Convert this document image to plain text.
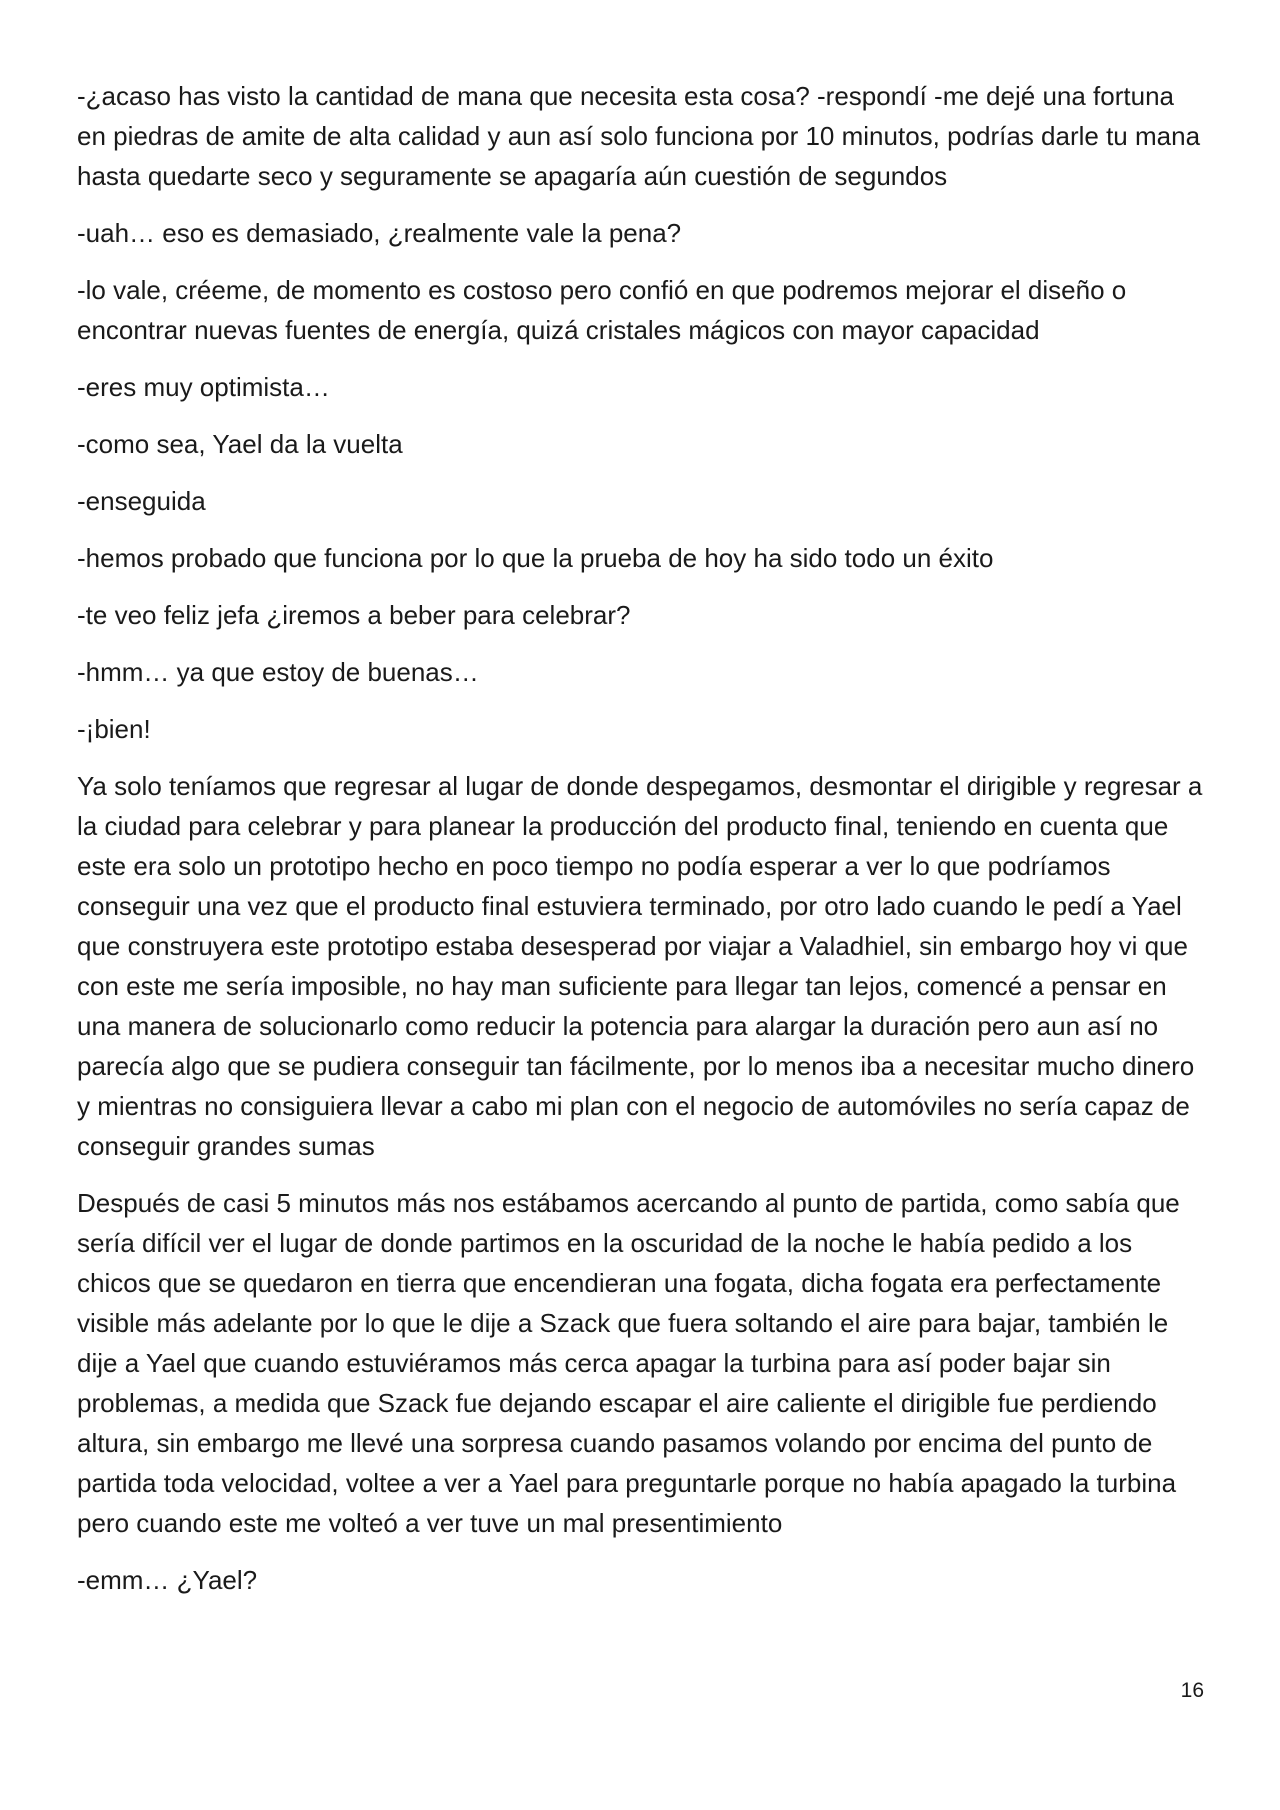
-¿acaso has visto la cantidad de mana que necesita esta cosa? -respondí -me dejé una fortuna en piedras de amite de alta calidad y aun así solo funciona por 10 minutos, podrías darle tu mana hasta quedarte seco y seguramente se apagaría aún cuestión de segundos

-uah… eso es demasiado, ¿realmente vale la pena?

-lo vale, créeme, de momento es costoso pero confió en que podremos mejorar el diseño o encontrar nuevas fuentes de energía, quizá cristales mágicos con mayor capacidad

-eres muy optimista…

-como sea, Yael da la vuelta

-enseguida

-hemos probado que funciona por lo que la prueba de hoy ha sido todo un éxito

-te veo feliz jefa ¿iremos a beber para celebrar?

-hmm… ya que estoy de buenas…

-¡bien!

Ya solo teníamos que regresar al lugar de donde despegamos, desmontar el dirigible y regresar a la ciudad para celebrar y para planear la producción del producto final, teniendo en cuenta que este era solo un prototipo hecho en poco tiempo no podía esperar a ver lo que podríamos conseguir una vez que el producto final estuviera terminado, por otro lado cuando le pedí a Yael que construyera este prototipo estaba desesperad por viajar a Valadhiel, sin embargo hoy vi que con este me sería imposible, no hay man suficiente para llegar tan lejos, comencé a pensar en una manera de solucionarlo como reducir la potencia para alargar la duración pero aun así no parecía algo que se pudiera conseguir tan fácilmente, por lo menos iba a necesitar mucho dinero y mientras no consiguiera llevar a cabo mi plan con el negocio de automóviles no sería capaz de conseguir grandes sumas

Después de casi 5 minutos más nos estábamos acercando al punto de partida, como sabía que sería difícil ver el lugar de donde partimos en la oscuridad de la noche le había pedido a los chicos que se quedaron en tierra que encendieran una fogata, dicha fogata era perfectamente visible más adelante por lo que le dije a Szack que fuera soltando el aire para bajar, también le dije a Yael que cuando estuviéramos más cerca apagar la turbina para así poder bajar sin problemas, a medida que Szack fue dejando escapar el aire caliente el dirigible fue perdiendo altura, sin embargo me llevé una sorpresa cuando pasamos volando por encima del punto de partida toda velocidad, voltee a ver a Yael para preguntarle porque no había apagado la turbina pero cuando este me volteó a ver tuve un mal presentimiento

-emm… ¿Yael?

16
